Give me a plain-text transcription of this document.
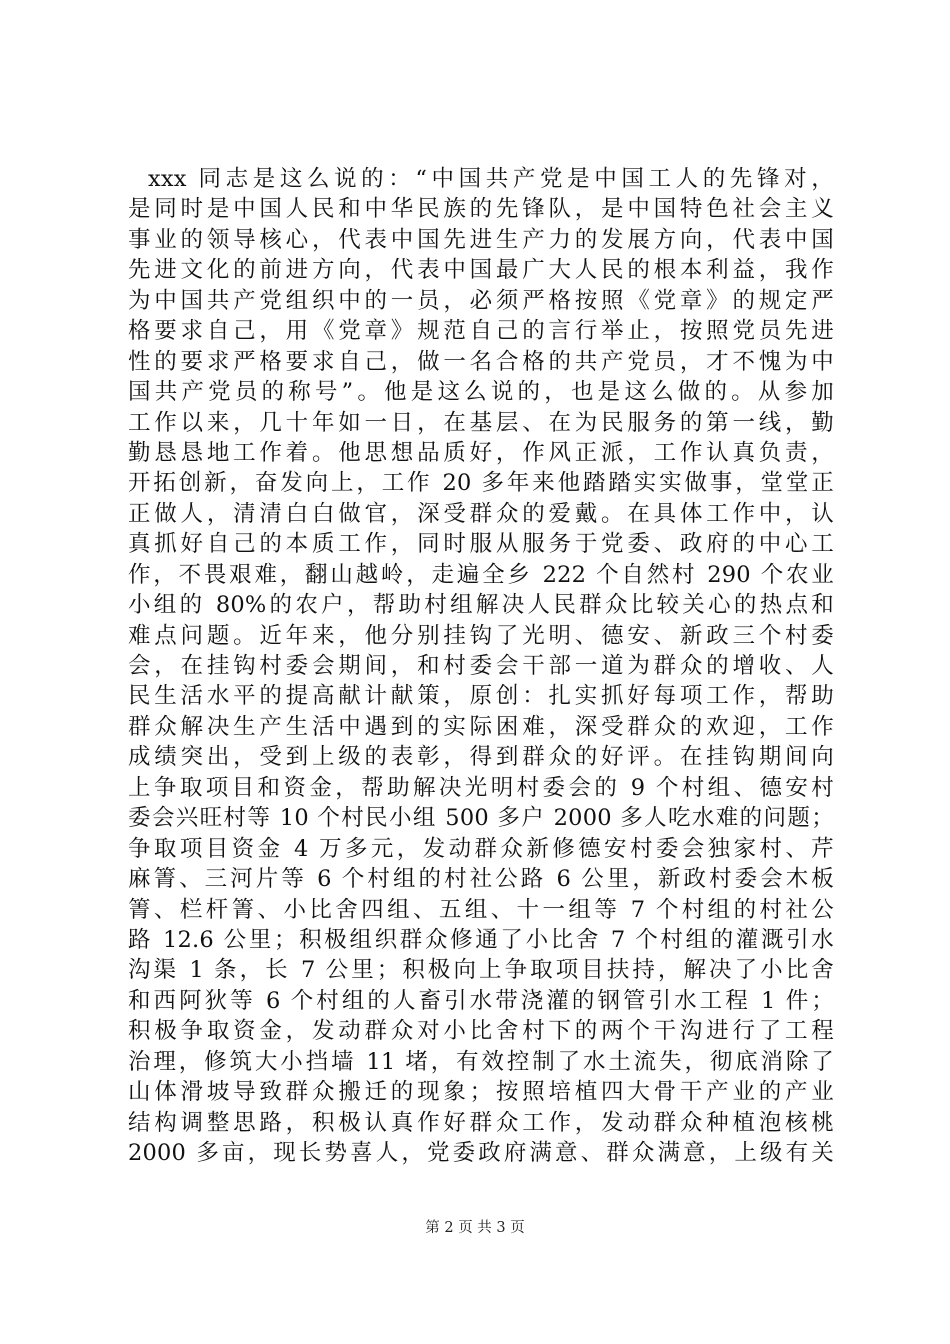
xxx 同志是这么说的：“中国共产党是中国工人的先锋对，
是同时是中国人民和中华民族的先锋队，是中国特色社会主义
事业的领导核心，代表中国先进生产力的发展方向，代表中国
先进文化的前进方向，代表中国最广大人民的根本利益，我作
为中国共产党组织中的一员，必须严格按照《党章》的规定严
格要求自己，用《党章》规范自己的言行举止，按照党员先进
性的要求严格要求自己，做一名合格的共产党员，才不愧为中
国共产党员的称号”。他是这么说的，也是这么做的。从参加
工作以来，几十年如一日，在基层、在为民服务的第一线，勤
勤恳恳地工作着。他思想品质好，作风正派，工作认真负责，
开拓创新，奋发向上，工作 20 多年来他踏踏实实做事，堂堂正
正做人，清清白白做官，深受群众的爱戴。在具体工作中，认
真抓好自己的本质工作，同时服从服务于党委、政府的中心工
作，不畏艰难，翻山越岭，走遍全乡 222 个自然村 290 个农业
小组的 80%的农户，帮助村组解决人民群众比较关心的热点和
难点问题。近年来，他分别挂钩了光明、德安、新政三个村委
会，在挂钩村委会期间，和村委会干部一道为群众的增收、人
民生活水平的提高献计献策，原创：扎实抓好每项工作，帮助
群众解决生产生活中遇到的实际困难，深受群众的欢迎，工作
成绩突出，受到上级的表彰，得到群众的好评。在挂钩期间向
上争取项目和资金，帮助解决光明村委会的 9 个村组、德安村
委会兴旺村等 10 个村民小组 500 多户 2000 多人吃水难的问题；
争取项目资金 4 万多元，发动群众新修德安村委会独家村、芹
麻箐、三河片等 6 个村组的村社公路 6 公里，新政村委会木板
箐、栏杆箐、小比舍四组、五组、十一组等 7 个村组的村社公
路 12.6 公里；积极组织群众修通了小比舍 7 个村组的灌溉引水
沟渠 1 条，长 7 公里；积极向上争取项目扶持，解决了小比舍
和西阿狄等 6 个村组的人畜引水带浇灌的钢管引水工程 1 件；
积极争取资金，发动群众对小比舍村下的两个干沟进行了工程
治理，修筑大小挡墙 11 堵，有效控制了水土流失，彻底消除了
山体滑坡导致群众搬迁的现象；按照培植四大骨干产业的产业
结构调整思路，积极认真作好群众工作，发动群众种植泡核桃
2000 多亩，现长势喜人，党委政府满意、群众满意，上级有关
第 2 页 共 3 页
